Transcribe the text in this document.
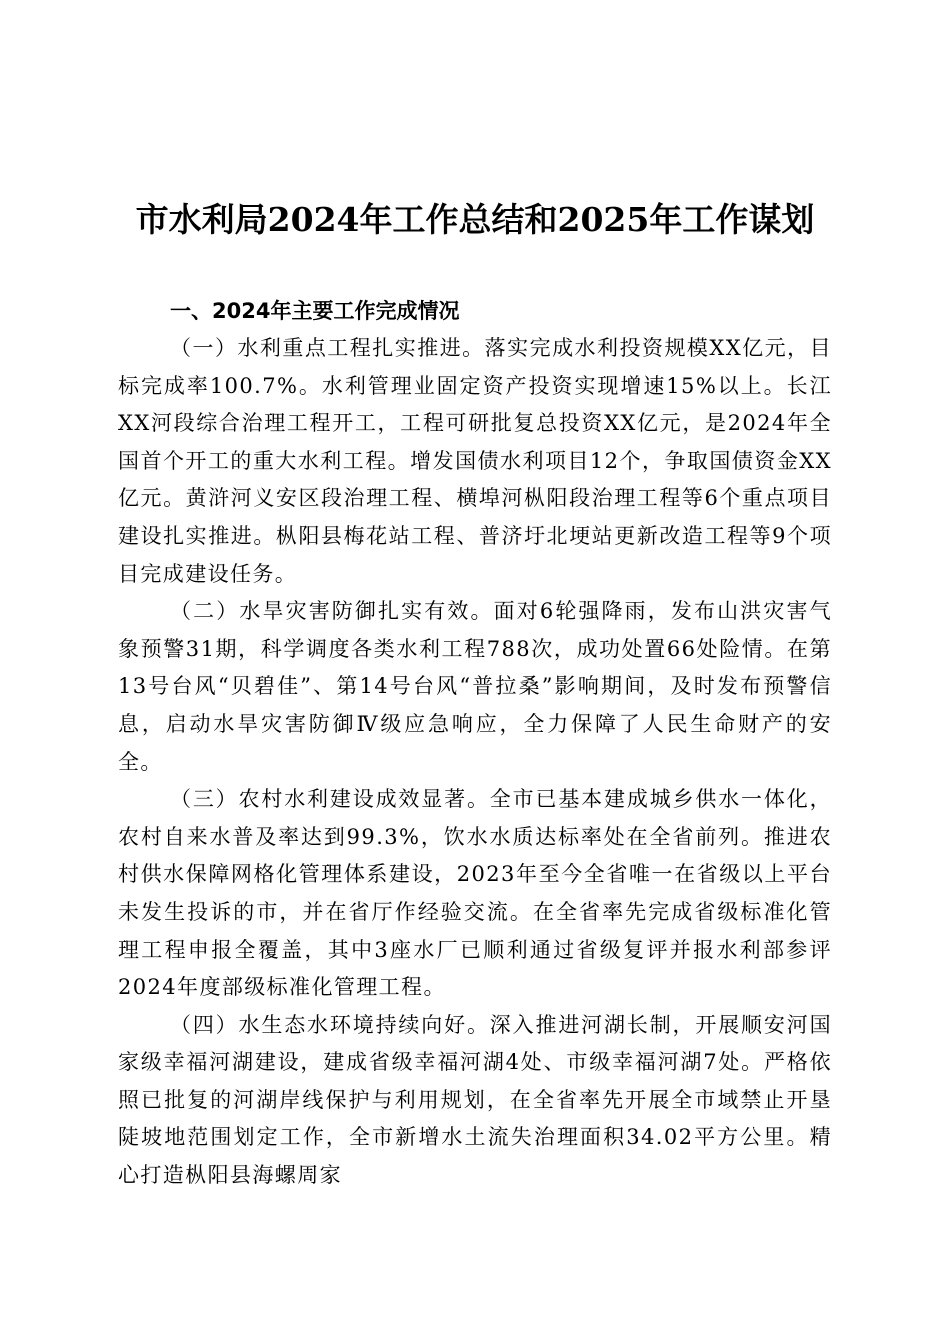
市水利局2024年工作总结和2025年工作谋划
一、2024年主要工作完成情况

（一）水利重点工程扎实推进。落实完成水利投资规模XX亿元，目标完成率100.7%。水利管理业固定资产投资实现增速15%以上。长江XX河段综合治理工程开工，工程可研批复总投资XX亿元，是2024年全国首个开工的重大水利工程。增发国债水利项目12个，争取国债资金XX亿元。黄浒河义安区段治理工程、横埠河枞阳段治理工程等6个重点项目建设扎实推进。枞阳县梅花站工程、普济圩北埂站更新改造工程等9个项目完成建设任务。

（二）水旱灾害防御扎实有效。面对6轮强降雨，发布山洪灾害气象预警31期，科学调度各类水利工程788次，成功处置66处险情。在第13号台风“贝碧佳”、第14号台风“普拉桑”影响期间，及时发布预警信息，启动水旱灾害防御Ⅳ级应急响应，全力保障了人民生命财产的安全。

（三）农村水利建设成效显著。全市已基本建成城乡供水一体化，农村自来水普及率达到99.3%，饮水水质达标率处在全省前列。推进农村供水保障网格化管理体系建设，2023年至今全省唯一在省级以上平台未发生投诉的市，并在省厅作经验交流。在全省率先完成省级标准化管理工程申报全覆盖，其中3座水厂已顺利通过省级复评并报水利部参评2024年度部级标准化管理工程。

（四）水生态水环境持续向好。深入推进河湖长制，开展顺安河国家级幸福河湖建设，建成省级幸福河湖4处、市级幸福河湖7处。严格依照已批复的河湖岸线保护与利用规划，在全省率先开展全市域禁止开垦陡坡地范围划定工作，全市新增水土流失治理面积34.02平方公里。精心打造枞阳县海螺周家
